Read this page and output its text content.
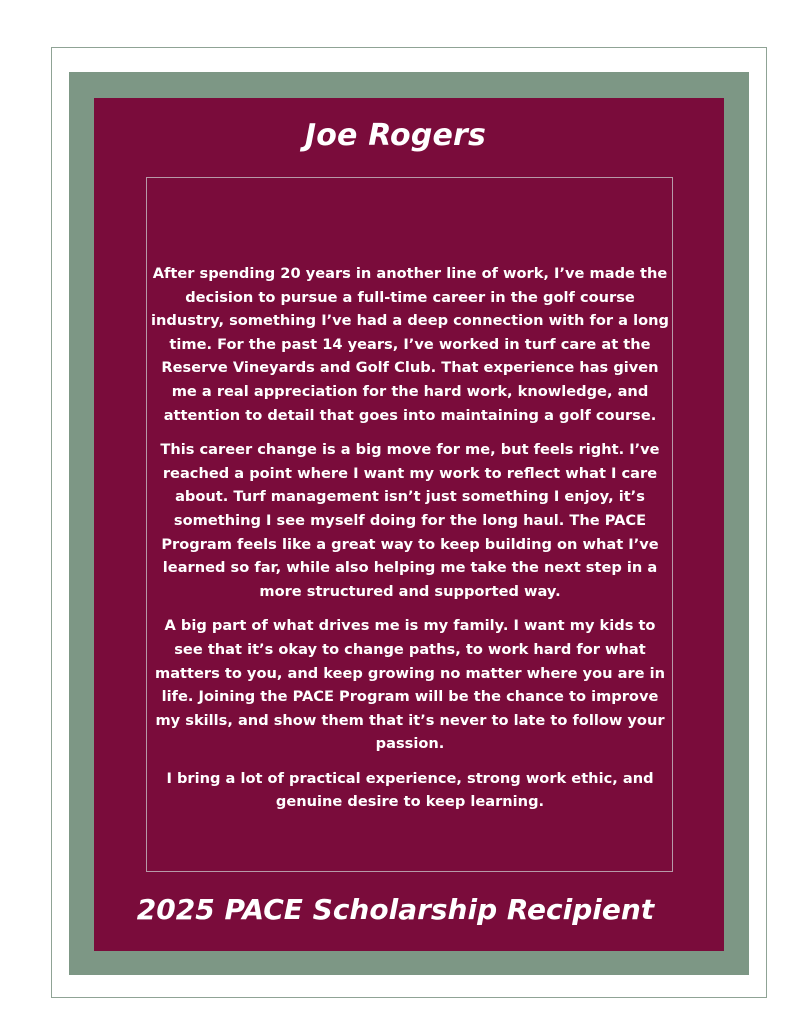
Joe Rogers

After spending 20 years in another line of work, I’ve made the decision to pursue a full-time career in the golf course industry, something I’ve had a deep connection with for a long time. For the past 14 years, I’ve worked in turf care at the Reserve Vineyards and Golf Club. That experience has given me a real appreciation for the hard work, knowledge, and attention to detail that goes into maintaining a golf course.

This career change is a big move for me, but feels right. I’ve reached a point where I want my work to reflect what I care about. Turf management isn’t just something I enjoy, it’s something I see myself doing for the long haul. The PACE Program feels like a great way to keep building on what I’ve learned so far, while also helping me take the next step in a more structured and supported way.

A big part of what drives me is my family. I want my kids to see that it’s okay to change paths, to work hard for what matters to you, and keep growing no matter where you are in life. Joining the PACE Program will be the chance to improve my skills, and show them that it’s never to late to follow your passion.

I bring a lot of practical experience, strong work ethic, and genuine desire to keep learning.

2025 PACE Scholarship Recipient
